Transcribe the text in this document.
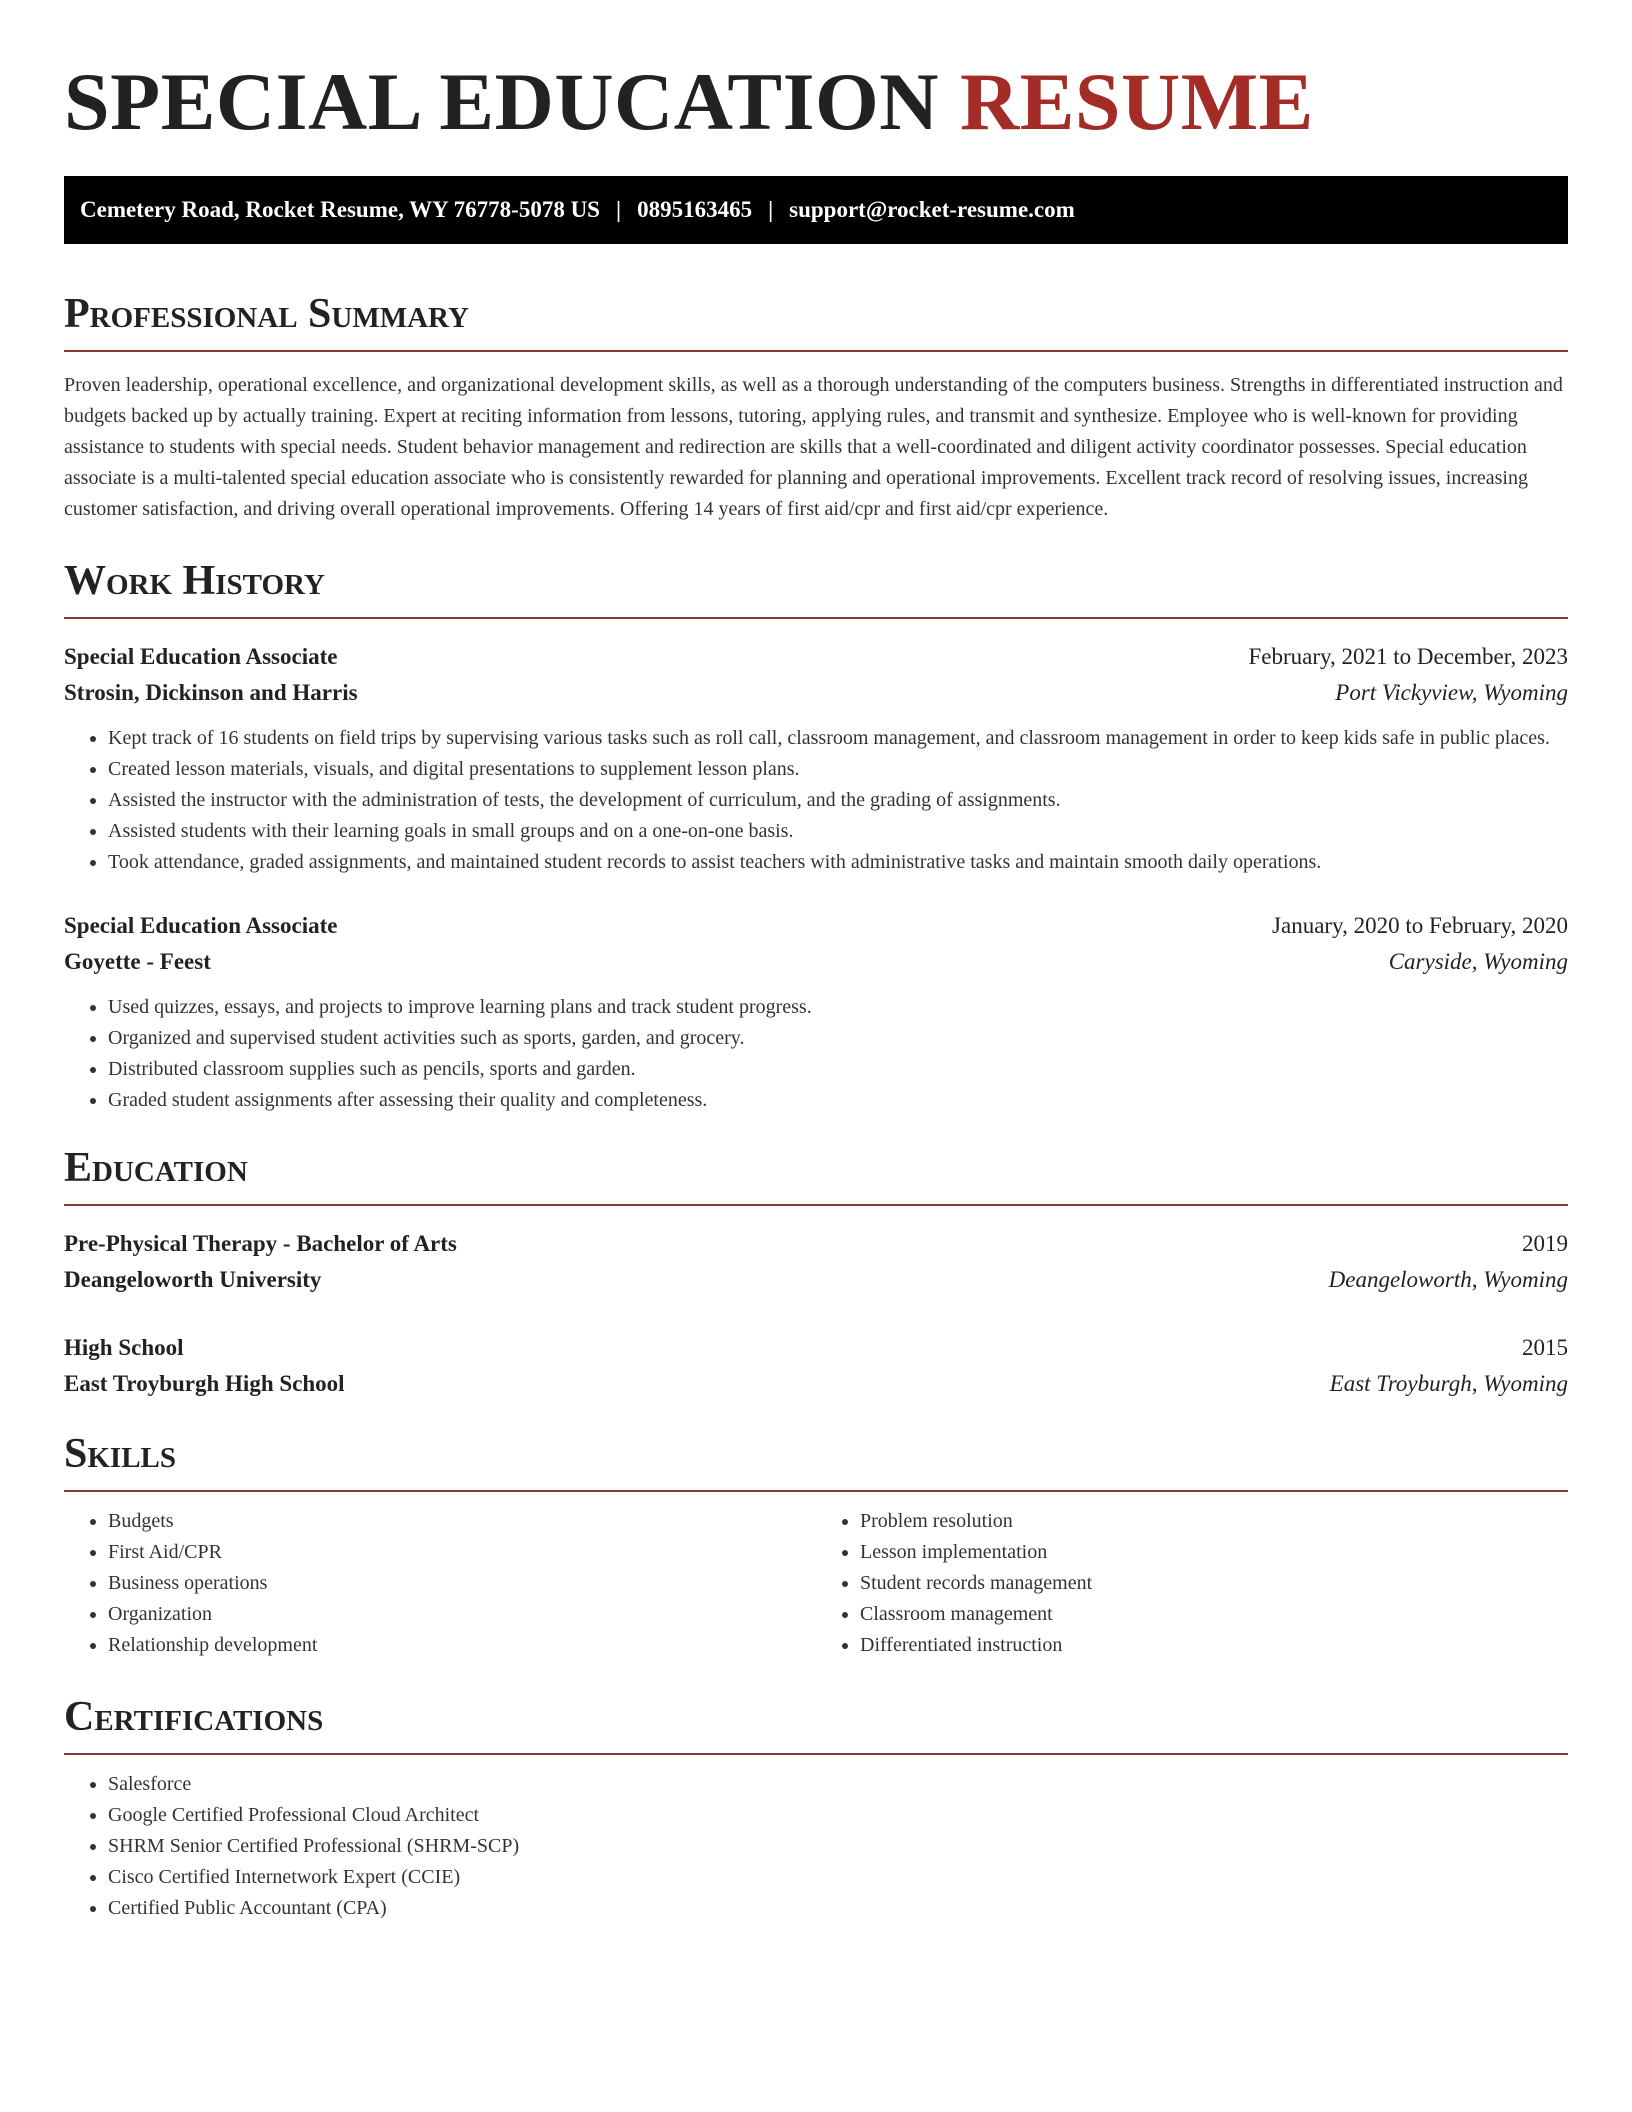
SPECIAL EDUCATION RESUME
Cemetery Road, Rocket Resume, WY 76778-5078 US | 0895163465 | support@rocket-resume.com
Professional Summary

Proven leadership, operational excellence, and organizational development skills, as well as a thorough understanding of the computers business. Strengths in differentiated instruction and budgets backed up by actually training. Expert at reciting information from lessons, tutoring, applying rules, and transmit and synthesize. Employee who is well-known for providing assistance to students with special needs. Student behavior management and redirection are skills that a well-coordinated and diligent activity coordinator possesses. Special education associate is a multi-talented special education associate who is consistently rewarded for planning and operational improvements. Excellent track record of resolving issues, increasing customer satisfaction, and driving overall operational improvements. Offering 14 years of first aid/cpr and first aid/cpr experience.

Work History
Special Education Associate	February, 2021 to December, 2023
Strosin, Dickinson and Harris	Port Vickyview, Wyoming
• Kept track of 16 students on field trips by supervising various tasks such as roll call, classroom management, and classroom management in order to keep kids safe in public places.
• Created lesson materials, visuals, and digital presentations to supplement lesson plans.
• Assisted the instructor with the administration of tests, the development of curriculum, and the grading of assignments.
• Assisted students with their learning goals in small groups and on a one-on-one basis.
• Took attendance, graded assignments, and maintained student records to assist teachers with administrative tasks and maintain smooth daily operations.
Special Education Associate	January, 2020 to February, 2020
Goyette - Feest	Caryside, Wyoming
• Used quizzes, essays, and projects to improve learning plans and track student progress.
• Organized and supervised student activities such as sports, garden, and grocery.
• Distributed classroom supplies such as pencils, sports and garden.
• Graded student assignments after assessing their quality and completeness.
Education
Pre-Physical Therapy - Bachelor of Arts	2019
Deangeloworth University	Deangeloworth, Wyoming
High School	2015
East Troyburgh High School	East Troyburgh, Wyoming
Skills
• Budgets
• First Aid/CPR
• Business operations
• Organization
• Relationship development
• Problem resolution
• Lesson implementation
• Student records management
• Classroom management
• Differentiated instruction
Certifications
• Salesforce
• Google Certified Professional Cloud Architect
• SHRM Senior Certified Professional (SHRM-SCP)
• Cisco Certified Internetwork Expert (CCIE)
• Certified Public Accountant (CPA)
